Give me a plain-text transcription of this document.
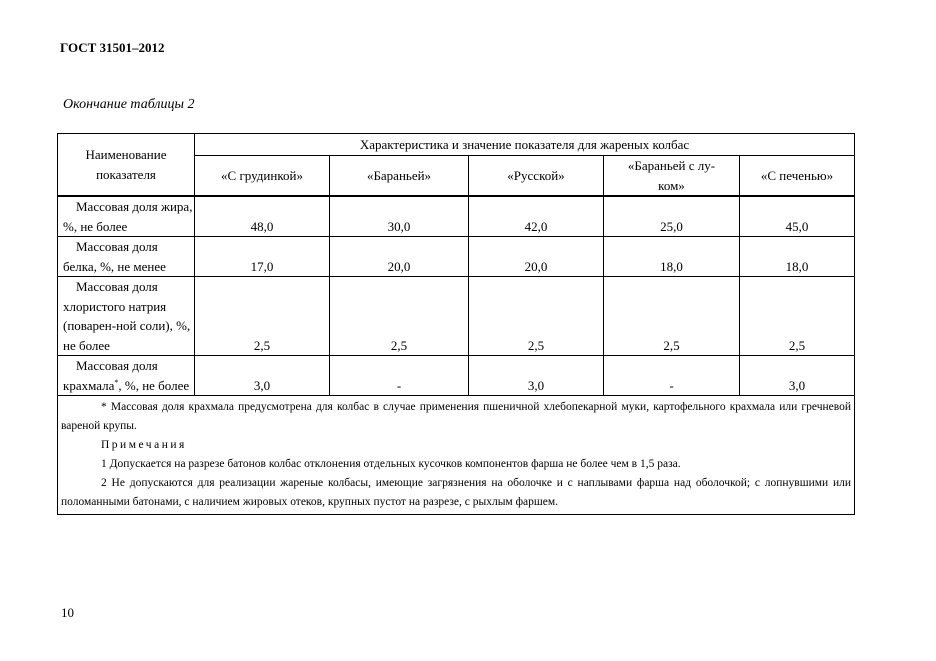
ГОСТ 31501–2012
Окончание таблицы 2
Наименование показателя	Характеристика и значение показателя для жареных колбас				
	«С грудинкой»	«Бараньей»	«Русской»	«Бараньей с лу-ком»	«С печенью»

Массовая доля жира, %, не более	48,0	30,0	42,0	25,0	45,0

Массовая доля белка, %, не менее	17,0	20,0	20,0	18,0	18,0

Массовая доля хлористого натрия (поварен-ной соли), %, не более	2,5	2,5	2,5	2,5	2,5

Массовая доля крахмала*, %, не более	3,0	-	3,0	-	3,0

* Массовая доля крахмала предусмотрена для колбас в случае применения пшеничной хлебопекарной муки, картофельного крахмала или гречневой вареной крупы.
Примечания
1 Допускается на разрезе батонов колбас отклонения отдельных кусочков компонентов фарша не более чем в 1,5 раза.
2 Не допускаются для реализации жареные колбасы, имеющие загрязнения на оболочке и с наплывами фарша над оболочкой; с лопнувшими или поломанными батонами, с наличием жировых отеков, крупных пустот на разрезе, с рыхлым фаршем.					
10
